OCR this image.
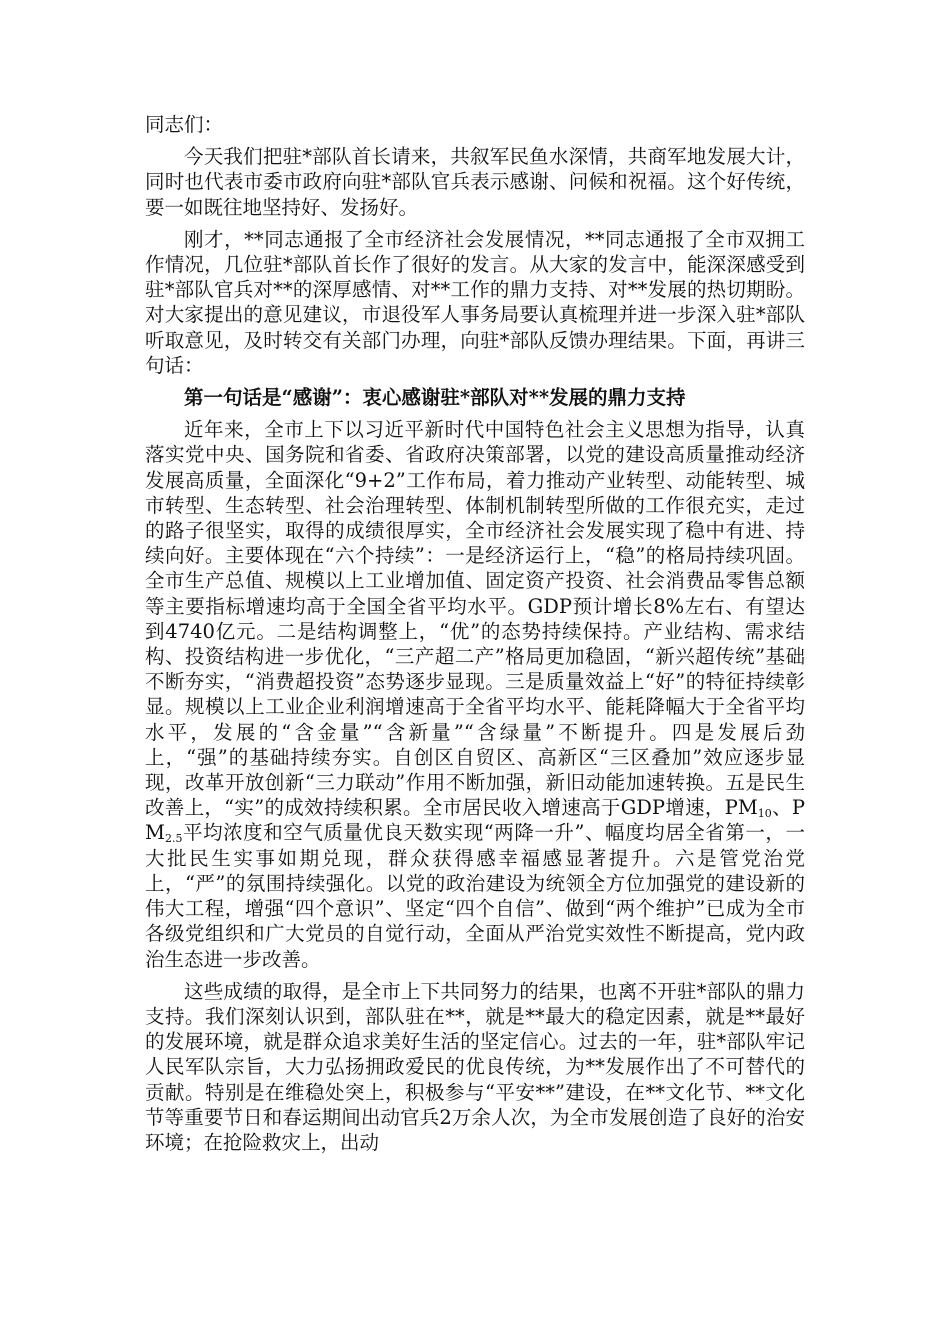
同志们：

今天我们把驻*部队首长请来，共叙军民鱼水深情，共商军地发展大计，同时也代表市委市政府向驻*部队官兵表示感谢、问候和祝福。这个好传统，要一如既往地坚持好、发扬好。

刚才，**同志通报了全市经济社会发展情况，**同志通报了全市双拥工作情况，几位驻*部队首长作了很好的发言。从大家的发言中，能深深感受到驻*部队官兵对**的深厚感情、对**工作的鼎力支持、对**发展的热切期盼。对大家提出的意见建议，市退役军人事务局要认真梳理并进一步深入驻*部队听取意见，及时转交有关部门办理，向驻*部队反馈办理结果。下面，再讲三句话：

第一句话是“感谢”：衷心感谢驻*部队对**发展的鼎力支持

近年来，全市上下以习近平新时代中国特色社会主义思想为指导，认真落实党中央、国务院和省委、省政府决策部署，以党的建设高质量推动经济发展高质量，全面深化“9+2”工作布局，着力推动产业转型、动能转型、城市转型、生态转型、社会治理转型、体制机制转型所做的工作很充实，走过的路子很坚实，取得的成绩很厚实，全市经济社会发展实现了稳中有进、持续向好。主要体现在“六个持续”：一是经济运行上，“稳”的格局持续巩固。全市生产总值、规模以上工业增加值、固定资产投资、社会消费品零售总额等主要指标增速均高于全国全省平均水平。GDP预计增长8%左右、有望达到4740亿元。二是结构调整上，“优”的态势持续保持。产业结构、需求结构、投资结构进一步优化，“三产超二产”格局更加稳固，“新兴超传统”基础不断夯实，“消费超投资”态势逐步显现。三是质量效益上“好”的特征持续彰显。规模以上工业企业利润增速高于全省平均水平、能耗降幅大于全省平均水平，发展的“含金量”“含新量”“含绿量”不断提升。四是发展后劲上，“强”的基础持续夯实。自创区自贸区、高新区“三区叠加”效应逐步显现，改革开放创新“三力联动”作用不断加强，新旧动能加速转换。五是民生改善上，“实”的成效持续积累。全市居民收入增速高于GDP增速，$PM_{10}$、$PM_{2.5}$平均浓度和空气质量优良天数实现“两降一升”、幅度均居全省第一，一大批民生实事如期兑现，群众获得感幸福感显著提升。六是管党治党上，“严”的氛围持续强化。以党的政治建设为统领全方位加强党的建设新的伟大工程，增强“四个意识”、坚定“四个自信”、做到“两个维护”已成为全市各级党组织和广大党员的自觉行动，全面从严治党实效性不断提高，党内政治生态进一步改善。

这些成绩的取得，是全市上下共同努力的结果，也离不开驻*部队的鼎力支持。我们深刻认识到，部队驻在**，就是**最大的稳定因素，就是**最好的发展环境，就是群众追求美好生活的坚定信心。过去的一年，驻*部队牢记人民军队宗旨，大力弘扬拥政爱民的优良传统，为**发展作出了不可替代的贡献。特别是在维稳处突上，积极参与“平安**”建设，在**文化节、**文化节等重要节日和春运期间出动官兵2万余人次，为全市发展创造了良好的治安环境；在抢险救灾上，出动
